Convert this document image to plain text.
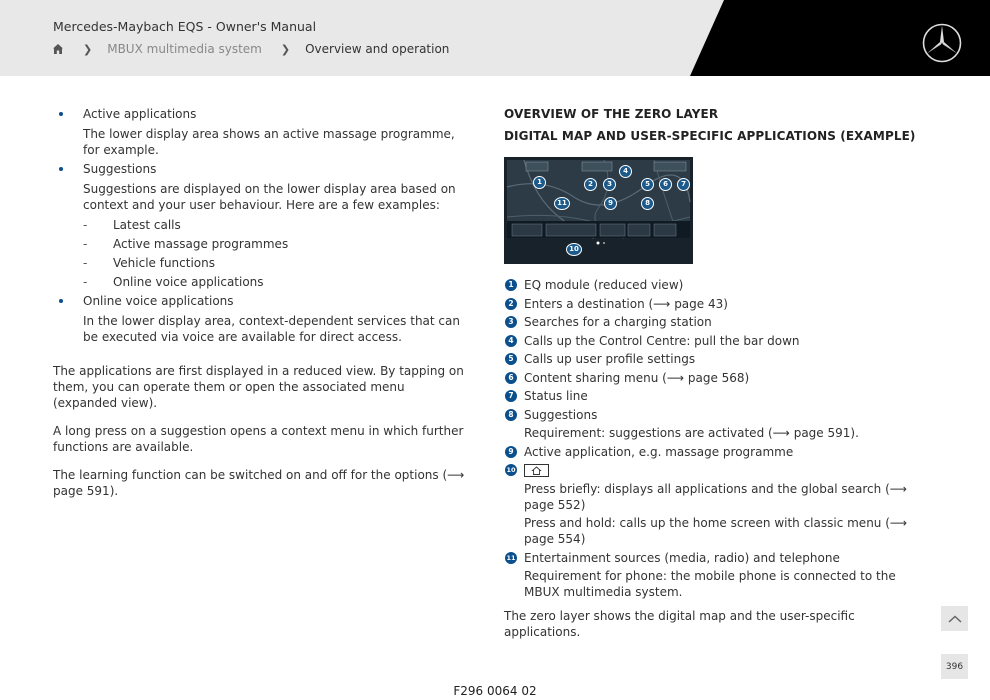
Mercedes-Maybach EQS - Owner's Manual
❯ MBUX multimedia system ❯ Overview and operation
Active applications
The lower display area shows an active massage programme, for example.
Suggestions
Suggestions are displayed on the lower display area based on context and your user behaviour. Here are a few examples:
- Latest calls
- Active massage programmes
- Vehicle functions
- Online voice applications
Online voice applications
In the lower display area, context-dependent services that can be executed via voice are available for direct access.

The applications are first displayed in a reduced view. By tapping on them, you can operate them or open the associated menu (expanded view).

A long press on a suggestion opens a context menu in which further functions are available.

The learning function can be switched on and off for the options (⟶ page 591).

OVERVIEW OF THE ZERO LAYER
DIGITAL MAP AND USER-SPECIFIC APPLICATIONS (EXAMPLE)
1	2	3
4
5	6	7
8
9
10
11
1 EQ module (reduced view)
2 Enters a destination (⟶ page 43)
3 Searches for a charging station
4 Calls up the Control Centre: pull the bar down
5 Calls up user profile settings
6 Content sharing menu (⟶ page 568)
7 Status line
8 Suggestions
Requirement: suggestions are activated (⟶ page 591).
9 Active application, e.g. massage programme
10
Press briefly: displays all applications and the global search (⟶ page 552)
Press and hold: calls up the home screen with classic menu (⟶ page 554)
11 Entertainment sources (media, radio) and telephone
Requirement for phone: the mobile phone is connected to the MBUX multimedia system.

The zero layer shows the digital map and the user-specific applications.

396
F296 0064 02
